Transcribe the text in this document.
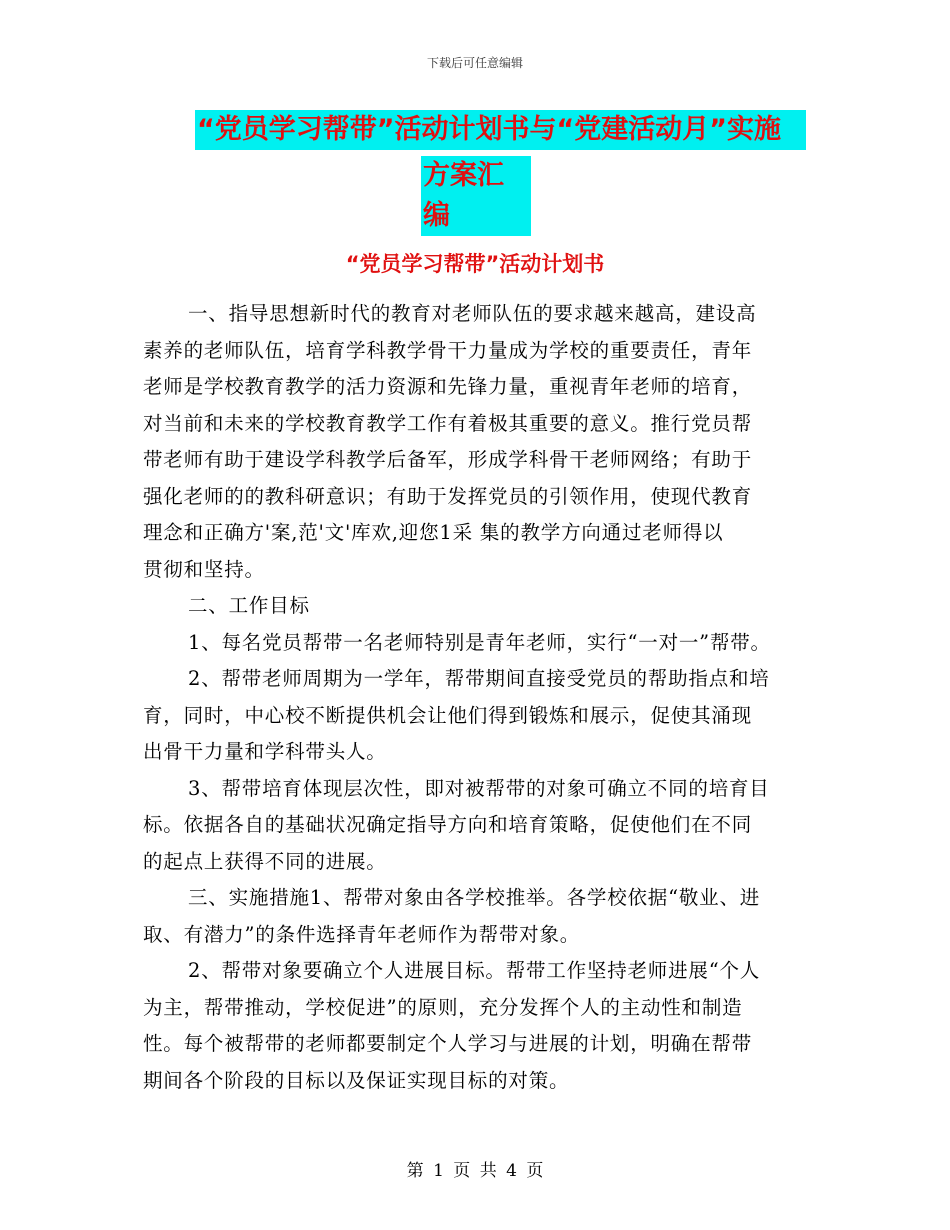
下载后可任意编辑
“党员学习帮带”活动计划书与“党建活动月”实施
方案汇编
“党员学习帮带”活动计划书
一、指导思想新时代的教育对老师队伍的要求越来越高，建设高
素养的老师队伍，培育学科教学骨干力量成为学校的重要责任，青年
老师是学校教育教学的活力资源和先锋力量，重视青年老师的培育，
对当前和未来的学校教育教学工作有着极其重要的意义。推行党员帮
带老师有助于建设学科教学后备军，形成学科骨干老师网络；有助于
强化老师的的教科研意识；有助于发挥党员的引领作用，使现代教育
理念和正确方'案,范'文'库欢,迎您1采 集的教学方向通过老师得以
贯彻和坚持。
二、工作目标
1、每名党员帮带一名老师特别是青年老师，实行“一对一”帮带。
2、帮带老师周期为一学年，帮带期间直接受党员的帮助指点和培
育，同时，中心校不断提供机会让他们得到锻炼和展示，促使其涌现
出骨干力量和学科带头人。
3、帮带培育体现层次性，即对被帮带的对象可确立不同的培育目
标。依据各自的基础状况确定指导方向和培育策略，促使他们在不同
的起点上获得不同的进展。
三、实施措施1、帮带对象由各学校推举。各学校依据“敬业、进
取、有潜力”的条件选择青年老师作为帮带对象。
2、帮带对象要确立个人进展目标。帮带工作坚持老师进展“个人
为主，帮带推动，学校促进”的原则，充分发挥个人的主动性和制造
性。每个被帮带的老师都要制定个人学习与进展的计划，明确在帮带
期间各个阶段的目标以及保证实现目标的对策。
第 1 页 共 4 页
